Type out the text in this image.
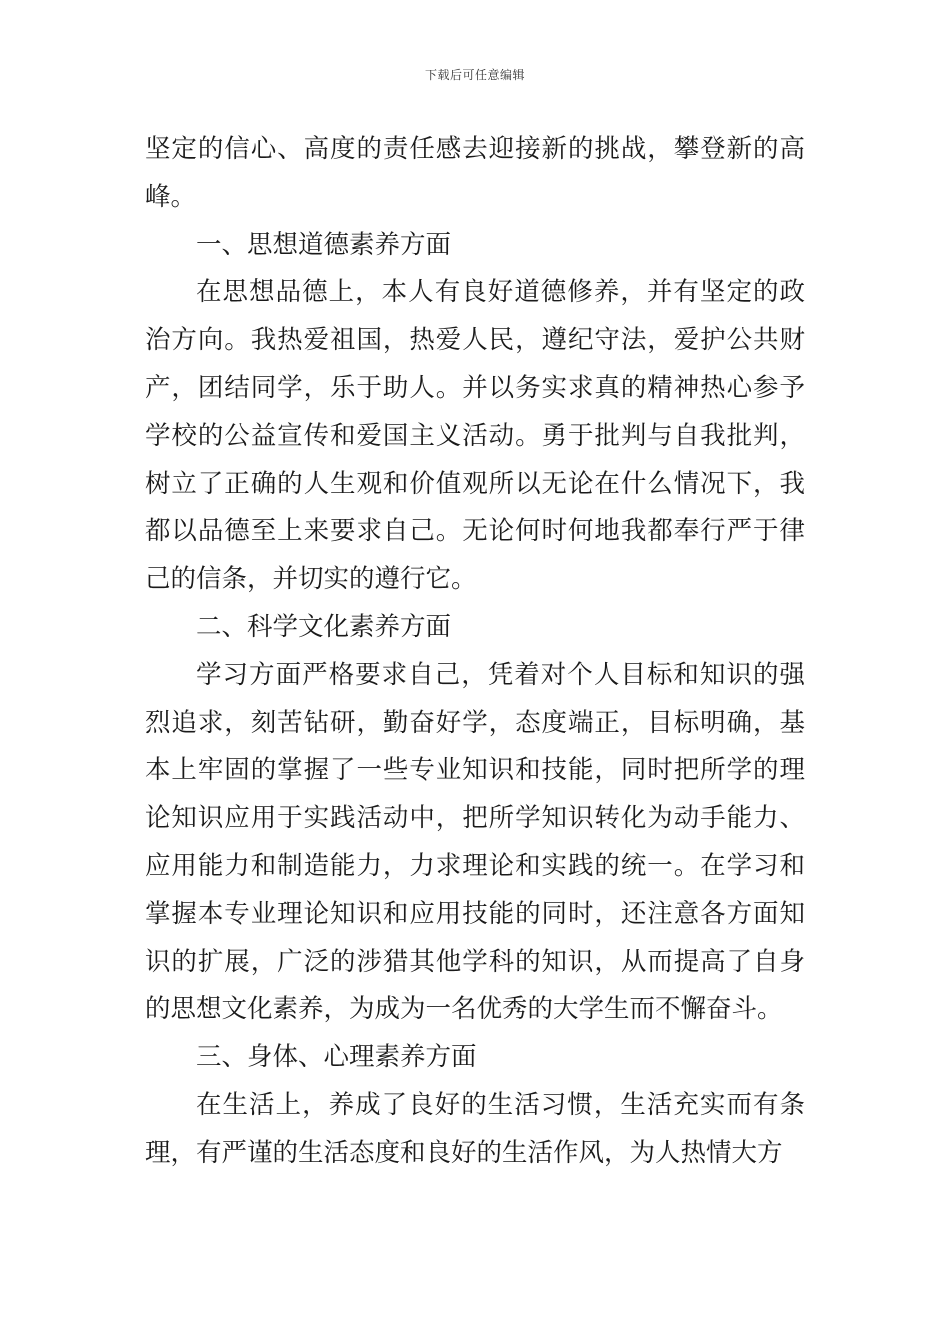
下载后可任意编辑

坚定的信心、高度的责任感去迎接新的挑战，攀登新的高峰。

一、思想道德素养方面

在思想品德上，本人有良好道德修养，并有坚定的政治方向。我热爱祖国，热爱人民，遵纪守法，爱护公共财产，团结同学，乐于助人。并以务实求真的精神热心参予学校的公益宣传和爱国主义活动。勇于批判与自我批判，树立了正确的人生观和价值观所以无论在什么情况下，我都以品德至上来要求自己。无论何时何地我都奉行严于律己的信条，并切实的遵行它。

二、科学文化素养方面

学习方面严格要求自己，凭着对个人目标和知识的强烈追求，刻苦钻研，勤奋好学，态度端正，目标明确，基本上牢固的掌握了一些专业知识和技能，同时把所学的理论知识应用于实践活动中，把所学知识转化为动手能力、应用能力和制造能力，力求理论和实践的统一。在学习和掌握本专业理论知识和应用技能的同时，还注意各方面知识的扩展，广泛的涉猎其他学科的知识，从而提高了自身的思想文化素养，为成为一名优秀的大学生而不懈奋斗。

三、身体、心理素养方面

在生活上，养成了良好的生活习惯，生活充实而有条理，有严谨的生活态度和良好的生活作风，为人热情大方
